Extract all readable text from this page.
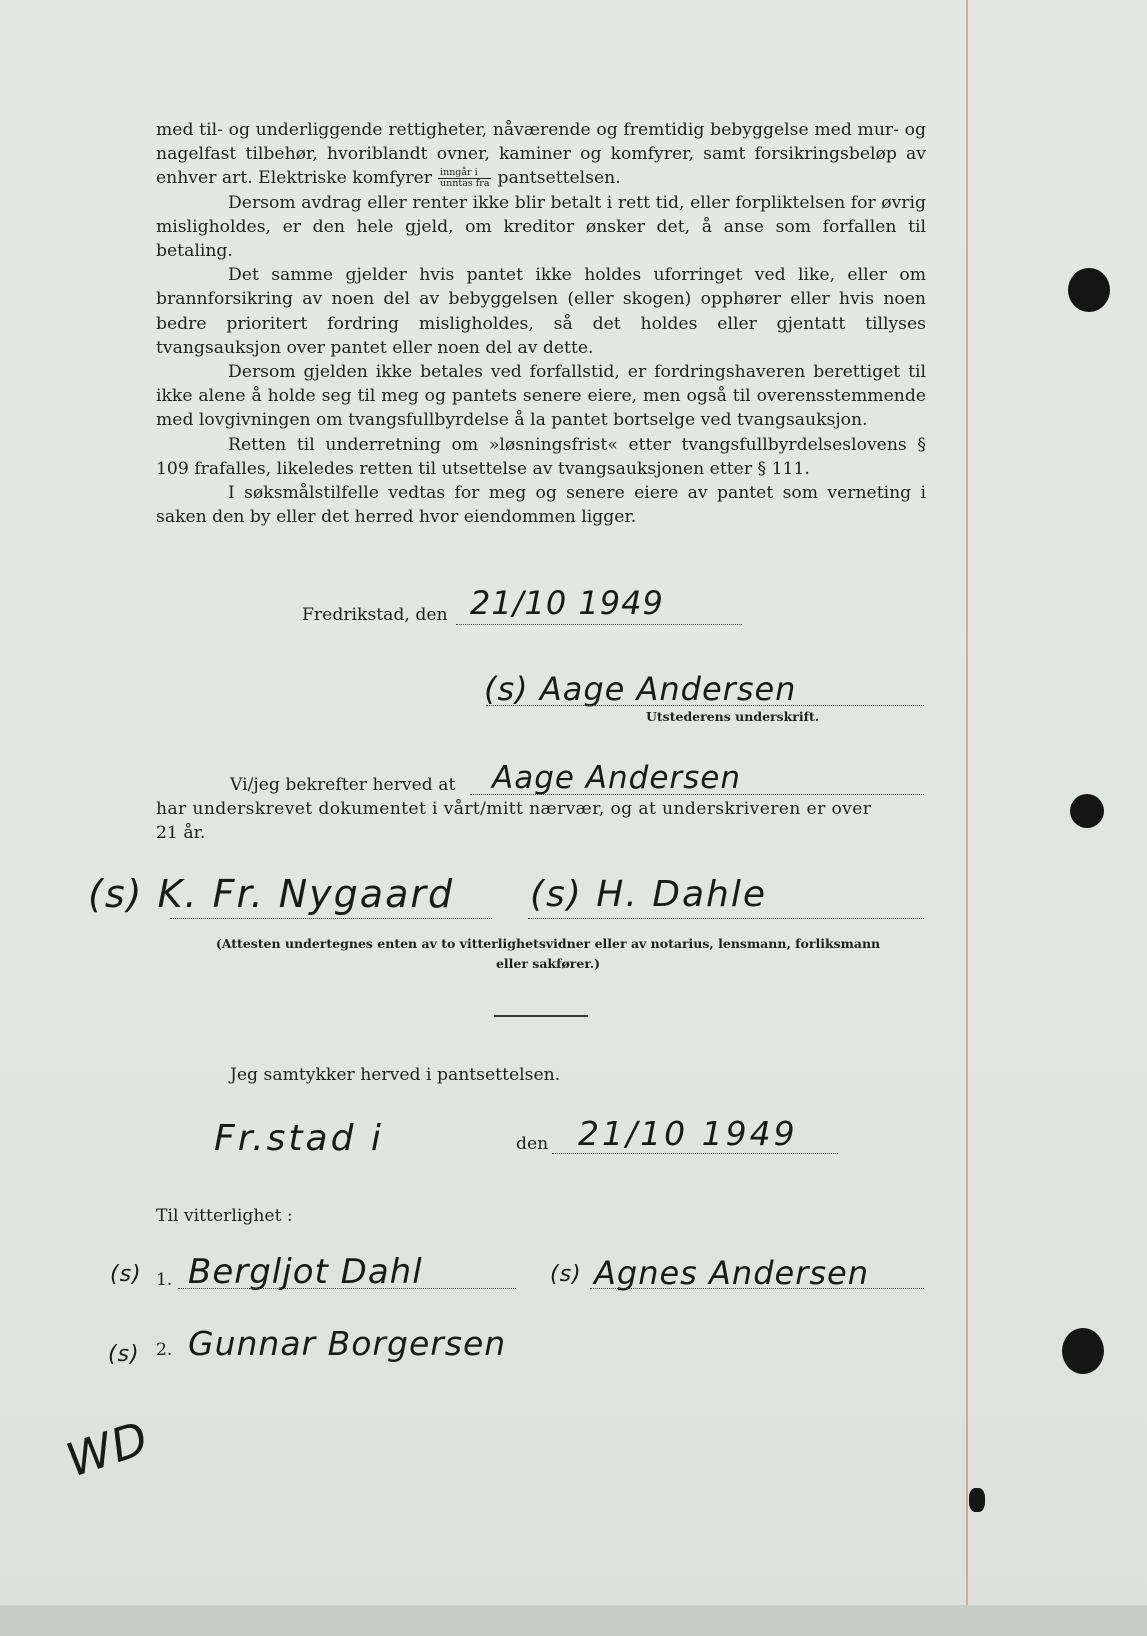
med til- og underliggende rettigheter, nåværende og fremtidig bebyggelse med mur- og nagelfast tilbehør, hvoriblandt ovner, kaminer og komfyrer, samt forsikringsbeløp av enhver art. Elektriske komfyrer $\frac{\text{inngår i}}{\text{unntas fra}}$ pantsettelsen.

Dersom avdrag eller renter ikke blir betalt i rett tid, eller forpliktelsen for øvrig misligholdes, er den hele gjeld, om kreditor ønsker det, å anse som forfallen til betaling.

Det samme gjelder hvis pantet ikke holdes uforringet ved like, eller om brannforsikring av noen del av bebyggelsen (eller skogen) opphører eller hvis noen bedre prioritert fordring misligholdes, så det holdes eller gjentatt tillyses tvangsauksjon over pantet eller noen del av dette.

Dersom gjelden ikke betales ved forfallstid, er fordringshaveren berettiget til ikke alene å holde seg til meg og pantets senere eiere, men også til overensstemmende med lovgivningen om tvangsfullbyrdelse å la pantet bortselge ved tvangsauksjon.

Retten til underretning om »løsningsfrist« etter tvangsfullbyrdelseslovens § 109 frafalles, likeledes retten til utsettelse av tvangsauksjonen etter § 111.

I søksmålstilfelle vedtas for meg og senere eiere av pantet som verneting i saken den by eller det herred hvor eiendommen ligger.

Fredrikstad, den 21/10 1949
(s) Aage Andersen
Utstederens underskrift.
Vi/jeg bekrefter herved at Aage Andersen
har underskrevet dokumentet i vårt/mitt nærvær, og at underskriveren er over
21 år.
(s) K. Fr. Nygaard (s) H. Dahle
(Attesten undertegnes enten av to vitterlighetsvidner eller av notarius, lensmann, forliksmann
eller sakfører.)
Jeg samtykker herved i pantsettelsen.
Fr.stad i	den 21/10 1949
Til vitterlighet :
(s) 1. Bergljot Dahl	(s) Agnes Andersen
(s) 2. Gunnar Borgersen
WD
